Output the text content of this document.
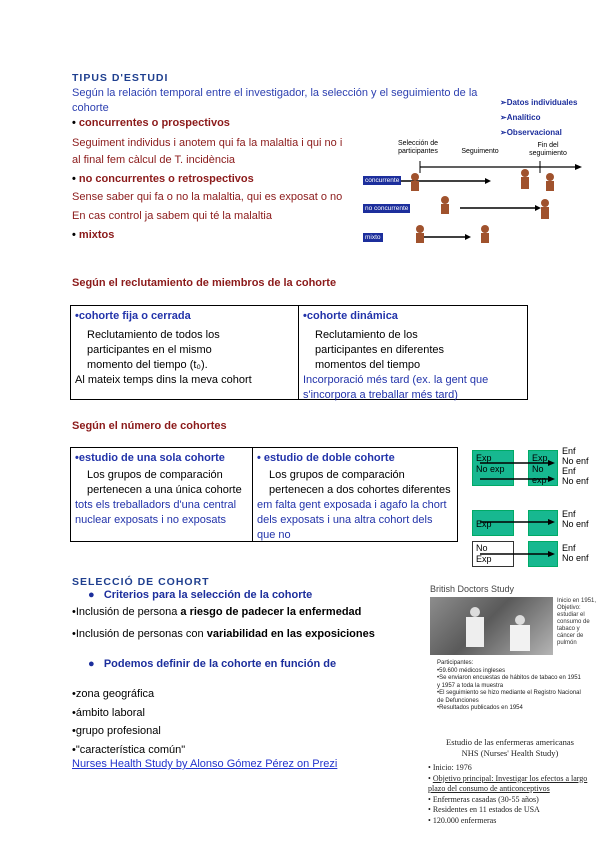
TIPUS D'ESTUDI
Según la relación temporal entre el investigador, la selección y el seguimiento de la cohorte
• concurrentes o prospectivos
Seguiment individus i anotem qui fa la malaltia i qui no i
al final fem càlcul de T. incidència
• no concurrentes o retrospectivos
Sense saber qui fa o no la malaltia, qui es exposat o no
En cas control ja sabem qui té la malaltia
• mixtos
➢Datos individuales
➢Analítico
➢Observacional
Selección de participantes	Seguimento
Fin del seguimiento
concurrente
no concurrente
mixto
Según el reclutamiento de miembros de la cohorte
•cohorte fija o cerrada
Reclutamiento de todos los
participantes en el mismo
momento del tiempo (t₀).
Al mateix temps dins la meva cohort
•cohorte dinámica
Reclutamiento de los
participantes en diferentes
momentos del tiempo
Incorporació més tard (ex. la gent que s'incorpora a treballar més tard)
Según el número de cohortes
•estudio de una sola cohorte
Los grupos de comparación
pertenecen a una única cohorte
tots els treballadors d'una central nuclear exposats i no exposats
• estudio de doble cohorte
Los grupos de comparación
pertenecen a dos cohortes diferentes
em falta gent exposada i agafo la chort dels exposats i una altra cohort dels que no
Exp
No exp
Exp
No exp
Exp
No
Exp
Enf
No enf
Enf
No enf
Enf
No enf
Enf
No enf
SELECCIÓ DE COHORT
●   Criterios para la selección de la cohorte
•Inclusión de persona a riesgo de padecer la enfermedad
•Inclusión de personas con variabilidad en las exposiciones
●   Podemos definir de la cohorte en función de
•zona geográfica
•ámbito laboral
•grupo profesional
•"característica común"
Nurses Health Study by Alonso Gómez Pérez on Prezi
British Doctors Study
Inicio en 1951, Objetivo: estudiar el consumo de tabaco y cáncer de pulmón
Participantes:
•59.600 médicos ingleses
•Se enviaron encuestas de hábitos de tabaco en 1951
y 1957 a toda la muestra
•El seguimiento se hizo mediante el Registro Nacional de Defunciones
•Resultados publicados en 1954
Estudio de las enfermeras americanas
NHS (Nurses' Health Study)
• Inicio: 1976
• Objetivo principal: Investigar los efectos a largo plazo del consumo de anticonceptivos
• Enfermeras casadas (30-55 años)
• Residentes en 11 estados de USA
• 120.000 enfermeras
